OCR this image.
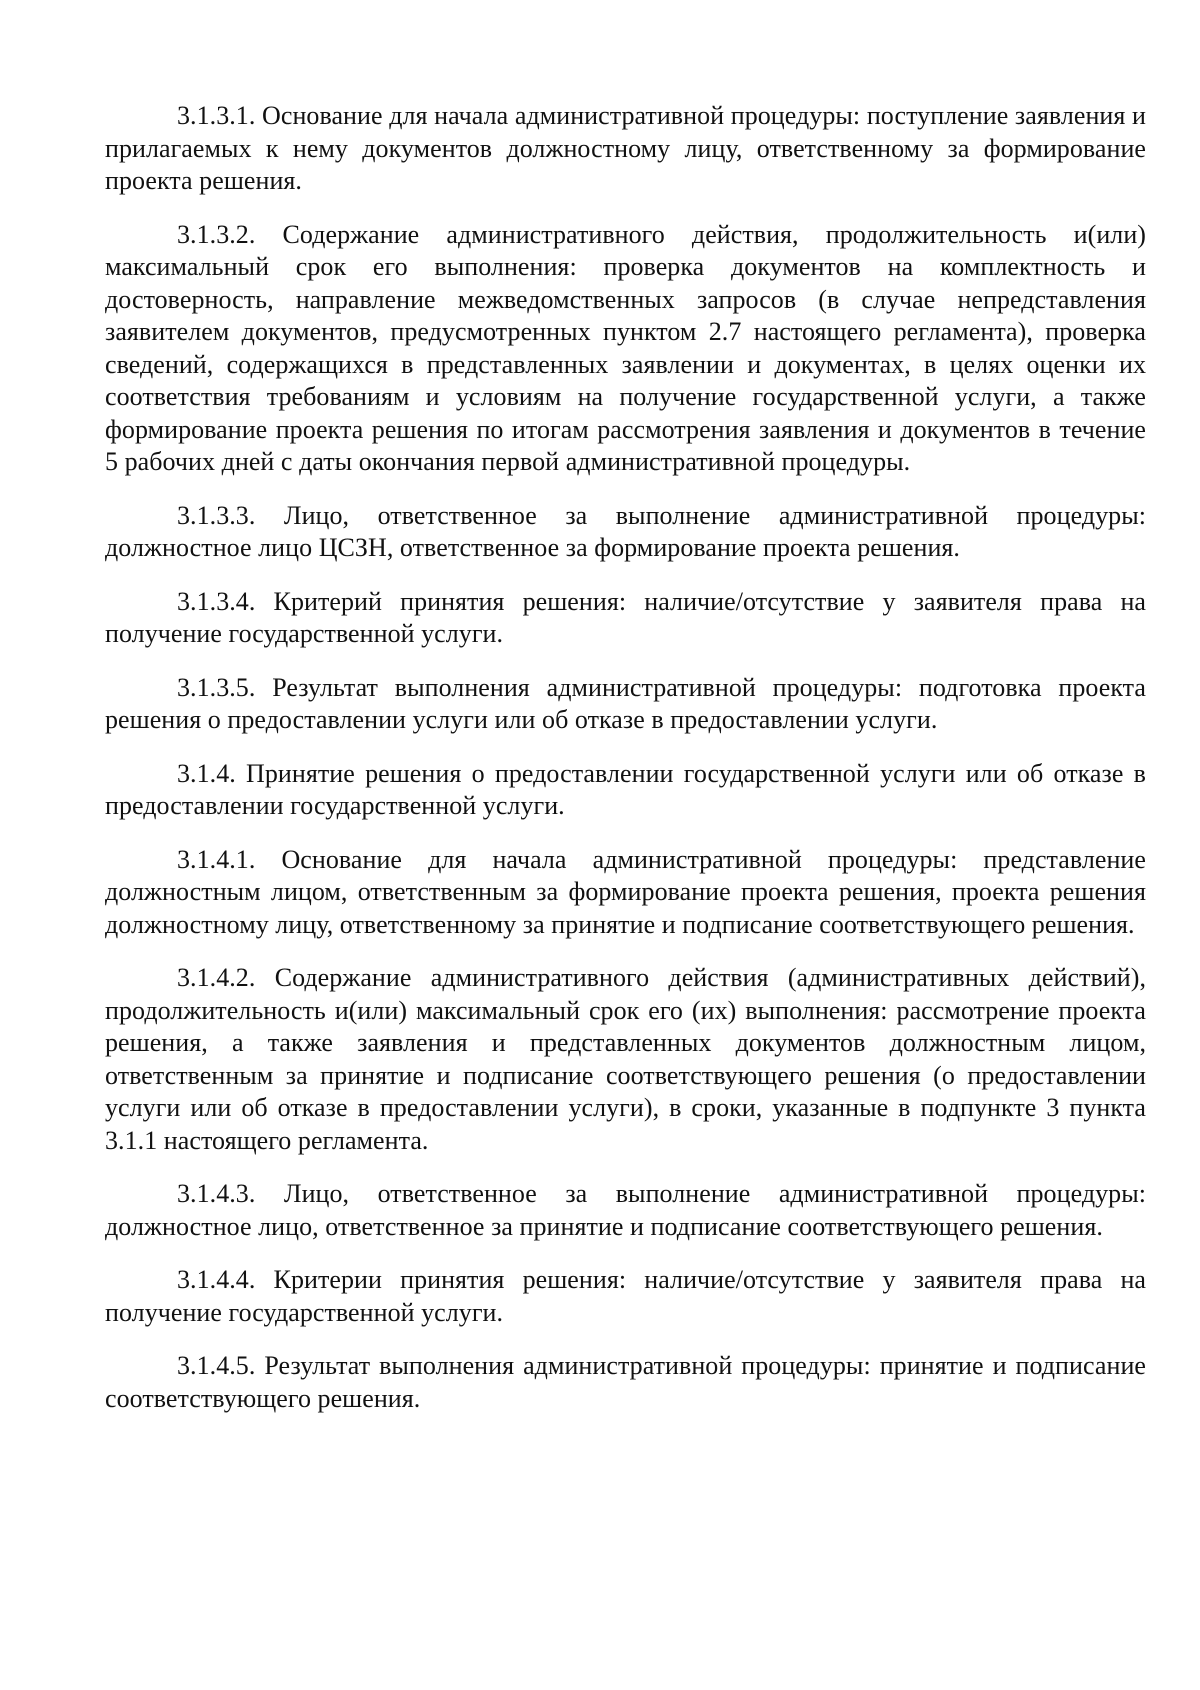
3.1.3.1. Основание для начала административной процедуры: поступление заявления и прилагаемых к нему документов должностному лицу, ответственному за формирование проекта решения.

3.1.3.2. Содержание административного действия, продолжительность и(или) максимальный срок его выполнения: проверка документов на комплектность и достоверность, направление межведомственных запросов (в случае непредставления заявителем документов, предусмотренных пунктом 2.7 настоящего регламента), проверка сведений, содержащихся в представленных заявлении и документах, в целях оценки их соответствия требованиям и условиям на получение государственной услуги, а также формирование проекта решения по итогам рассмотрения заявления и документов в течение 5 рабочих дней с даты окончания первой административной процедуры.

3.1.3.3. Лицо, ответственное за выполнение административной процедуры: должностное лицо ЦСЗН, ответственное за формирование проекта решения.

3.1.3.4. Критерий принятия решения: наличие/отсутствие у заявителя права на получение государственной услуги.

3.1.3.5. Результат выполнения административной процедуры: подготовка проекта решения о предоставлении услуги или об отказе в предоставлении услуги.

3.1.4. Принятие решения о предоставлении государственной услуги или об отказе в предоставлении государственной услуги.

3.1.4.1. Основание для начала административной процедуры: представление должностным лицом, ответственным за формирование проекта решения, проекта решения должностному лицу, ответственному за принятие и подписание соответствующего решения.

3.1.4.2. Содержание административного действия (административных действий), продолжительность и(или) максимальный срок его (их) выполнения: рассмотрение проекта решения, а также заявления и представленных документов должностным лицом, ответственным за принятие и подписание соответствующего решения (о предоставлении услуги или об отказе в предоставлении услуги), в сроки, указанные в подпункте 3 пункта 3.1.1 настоящего регламента.

3.1.4.3. Лицо, ответственное за выполнение административной процедуры: должностное лицо, ответственное за принятие и подписание соответствующего решения.

3.1.4.4. Критерии принятия решения: наличие/отсутствие у заявителя права на получение государственной услуги.

3.1.4.5. Результат выполнения административной процедуры: принятие и подписание соответствующего решения.
